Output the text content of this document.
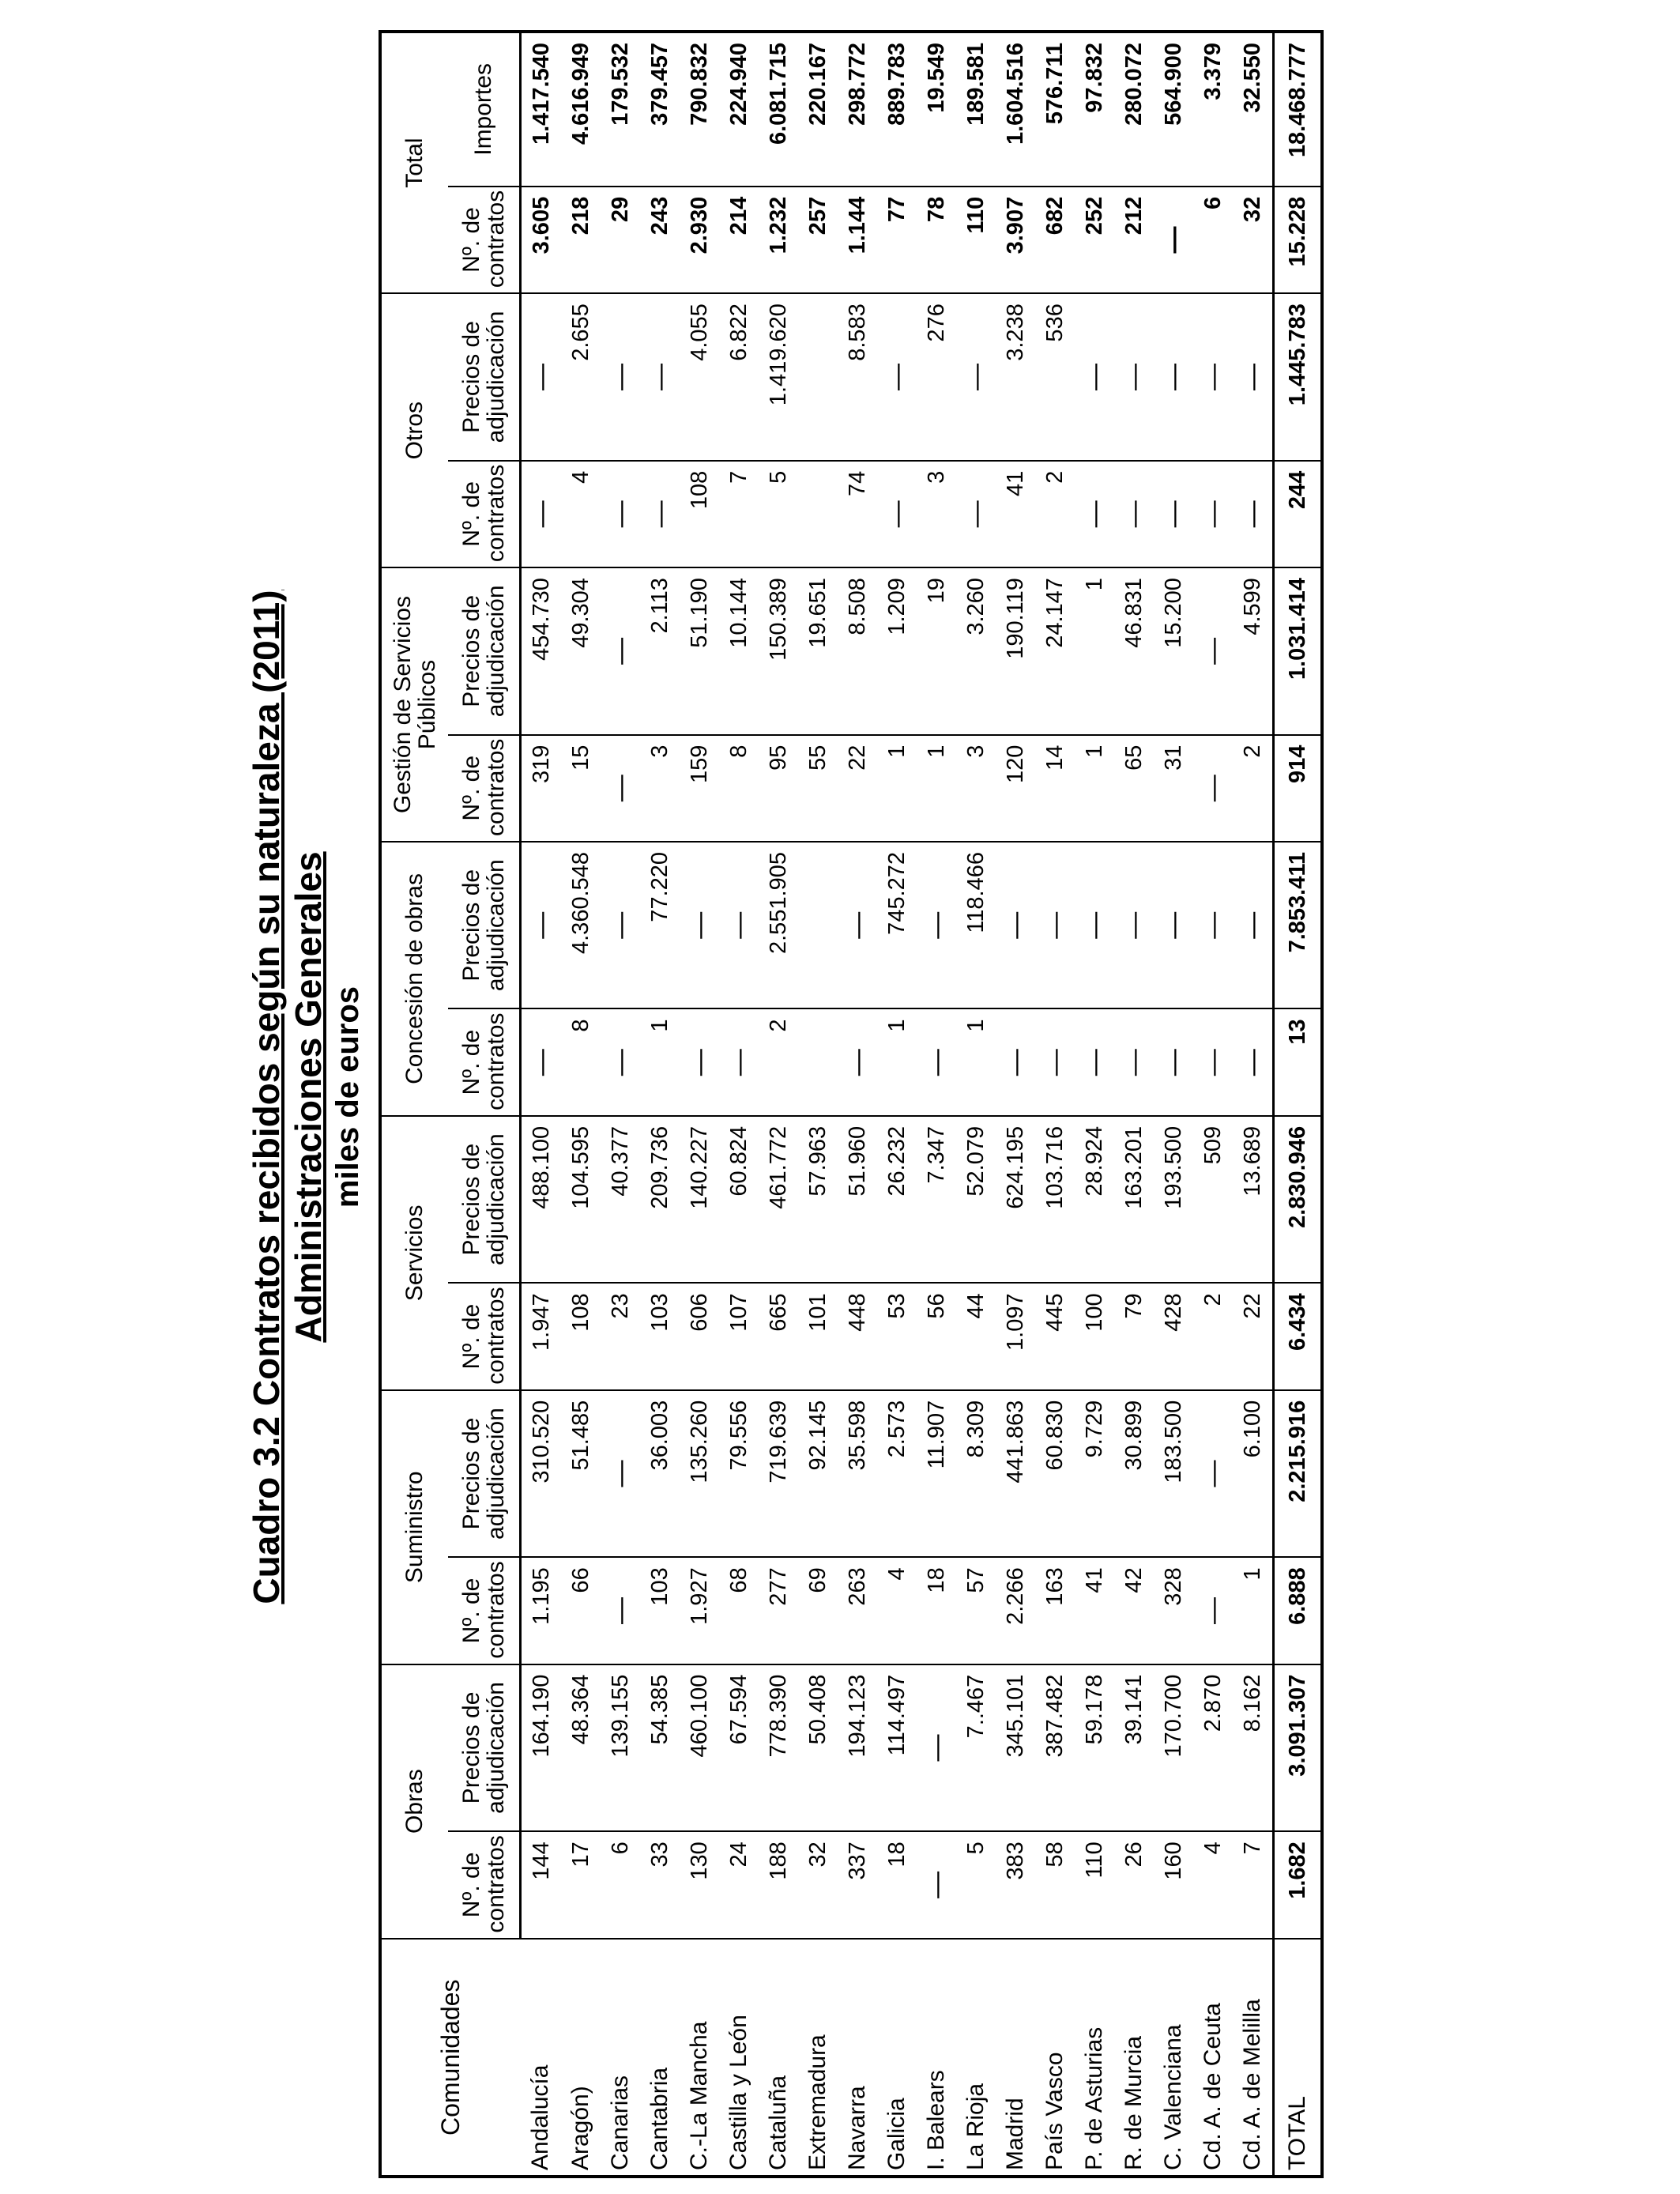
Cuadro 3.2 Contratos recibidos según su naturaleza (2011) Administraciones Generales miles de euros
Comunidades	Obras		Suministro		Servicios		Concesión de obras		Gestión de Servicios Públicos		Otros		Total	
	Nº. de contratos	Precios de adjudicación	Nº. de contratos	Precios de adjudicación	Nº. de contratos	Precios de adjudicación	Nº. de contratos	Precios de adjudicación	Nº. de contratos	Precios de adjudicación	Nº. de contratos	Precios de adjudicación	Nº. de contratos	Importes
Andalucía	144	164.190	1.195	310.520	1.947	488.100	—	—	319	454.730	—	—	3.605	1.417.540
Aragón)	17	48.364	66	51.485	108	104.595	8	4.360.548	15	49.304	4	2.655	218	4.616.949
Canarias	6	139.155	—	—	23	40.377	—	—	—	—	—	—	29	179.532
Cantabria	33	54.385	103	36.003	103	209.736	1	77.220	3	2.113	—	—	243	379.457
C.-La Mancha	130	460.100	1.927	135.260	606	140.227	—	—	159	51.190	108	4.055	2.930	790.832
Castilla y León	24	67.594	68	79.556	107	60.824	—	—	8	10.144	7	6.822	214	224.940
Cataluña	188	778.390	277	719.639	665	461.772	2	2.551.905	95	150.389	5	1.419.620	1.232	6.081.715
Extremadura	32	50.408	69	92.145	101	57.963			55	19.651			257	220.167
Navarra	337	194.123	263	35.598	448	51.960	—	—	22	8.508	74	8.583	1.144	298.772
Galicia	18	114.497	4	2.573	53	26.232	1	745.272	1	1.209	—	—	77	889.783
I. Balears	—	—	18	11.907	56	7.347	—	—	1	19	3	276	78	19.549
La Rioja	5	7..467	57	8.309	44	52.079	1	118.466	3	3.260	—	—	110	189.581
Madrid	383	345.101	2.266	441.863	1.097	624.195	—	—	120	190.119	41	3.238	3.907	1.604.516
País Vasco	58	387.482	163	60.830	445	103.716	—	—	14	24.147	2	536	682	576.711
P. de Asturias	110	59.178	41	9.729	100	28.924	—	—	1	1	—	—	252	97.832
R. de Murcia	26	39.141	42	30.899	79	163.201	—	—	65	46.831	—	—	212	280.072
C. Valenciana	160	170.700	328	183.500	428	193.500	—	—	31	15.200	—	—	—	564.900
Cd. A. de Ceuta	4	2.870	—	—	2	509	—	—	—	—	—	—	6	3.379
Cd. A. de Melilla	7	8.162	1	6.100	22	13.689	—	—	2	4.599	—	—	32	32.550
TOTAL	1.682	3.091.307	6.888	2.215.916	6.434	2.830.946	13	7.853.411	914	1.031.414	244	1.445.783	15.228	18.468.777
